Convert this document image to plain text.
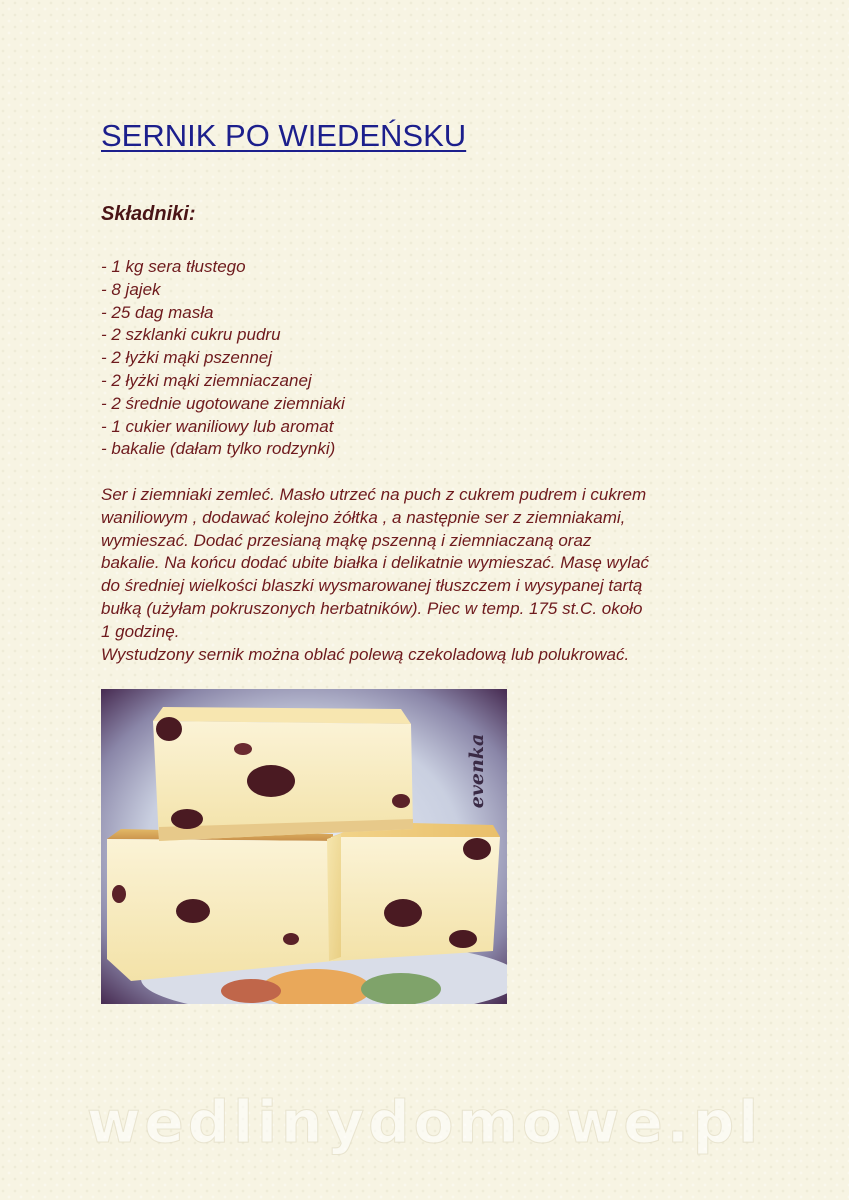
SERNIK PO WIEDEŃSKU
Składniki:
- 1 kg sera tłustego
- 8 jajek
- 25 dag masła
- 2 szklanki cukru pudru
- 2 łyżki mąki pszennej
- 2 łyżki mąki ziemniaczanej
- 2 średnie ugotowane ziemniaki
- 1 cukier waniliowy lub aromat
- bakalie (dałam tylko rodzynki)

Ser i ziemniaki zemleć. Masło utrzeć na puch z cukrem pudrem i cukrem

waniliowym , dodawać kolejno żółtka , a następnie ser z ziemniakami,

wymieszać. Dodać przesianą mąkę pszenną i ziemniaczaną oraz

bakalie. Na końcu dodać ubite białka i delikatnie wymieszać. Masę wylać

do średniej wielkości blaszki wysmarowanej tłuszczem i wysypanej tartą

bułką (użyłam pokruszonych herbatników). Piec w temp. 175 st.C. około

1 godzinę.

Wystudzony sernik można oblać polewą czekoladową lub polukrować.

evenka
wedlinydomowe.pl
